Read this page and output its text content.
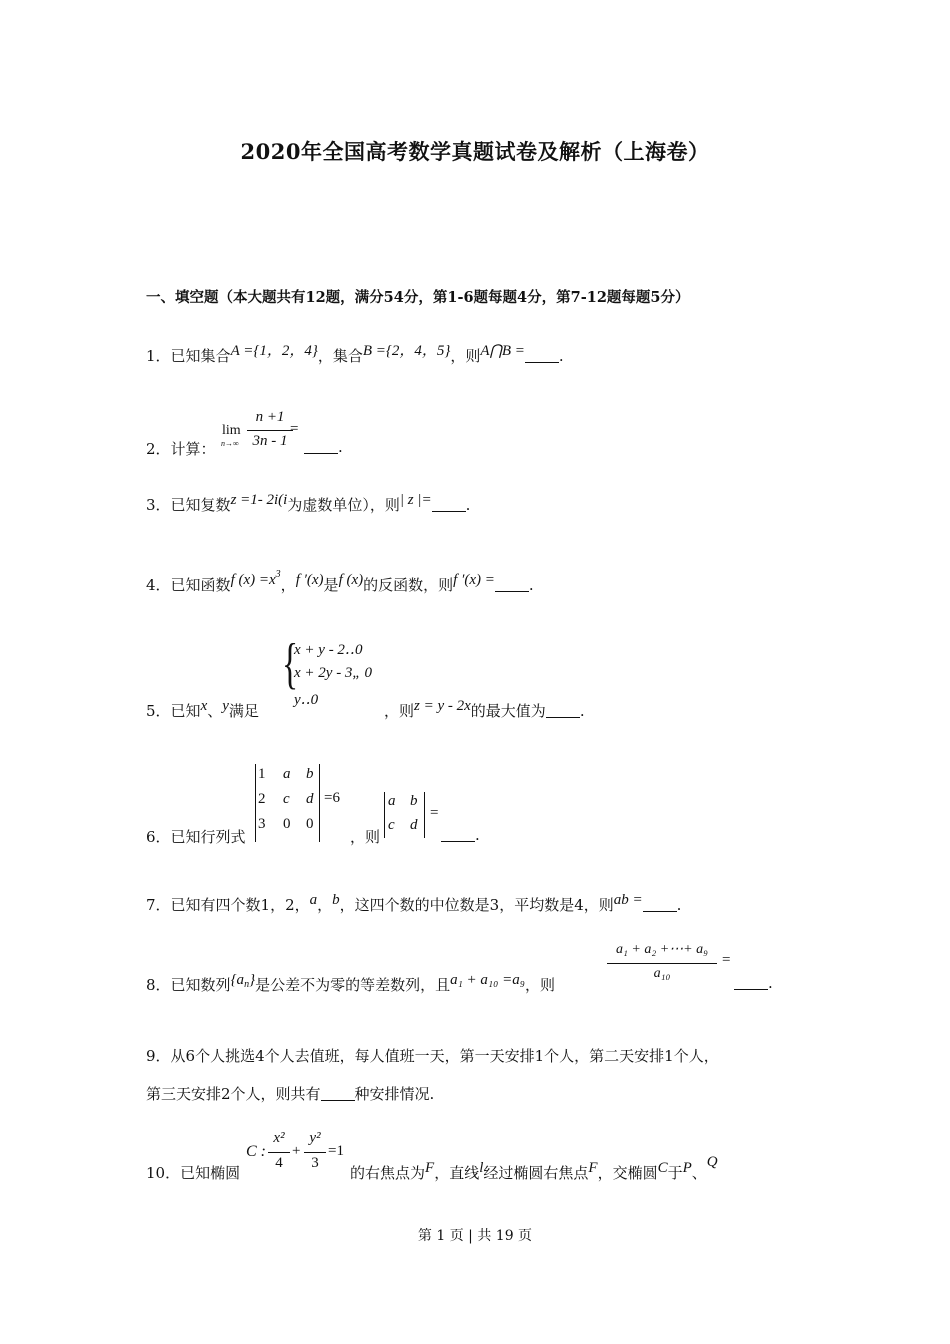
2020年全国高考数学真题试卷及解析（上海卷）
一、填空题（本大题共有12题，满分54分，第1-6题每题4分，第7-12题每题5分）
1．已知集合A ={1，2，4}，集合B ={2，4，5}，则A⋂B = .
2．计算：
lim
n→∞
n +1
3n - 1
=
.
3．已知复数z =1- 2i(i为虚数单位），则| z |= .
4．已知函数f $(x) =x^3$，f ′(x)是f (x)的反函数，则f ′(x) = .
{
x + y - 2‥0
x + 2y - 3„ 0
y‥0
5．已知x、y满足	，则z = y - 2x的最大值为 .
6．已知行列式
1 a b
2 c d
3 0 0
=6
，则
a b
c d
=
.
7．已知有四个数1，2，a，b，这四个数的中位数是3，平均数是4，则ab = .
8．已知数列$\{a_n\}$是公差不为零的等差数列，且a₁ + a₁₀ =a₉，则
a₁ + a₂ +⋯+ a₉
a₁₀
=
.
9．从6个人挑选4个人去值班，每人值班一天，第一天安排1个人，第二天安排1个人，
第三天安排2个人，则共有 种安排情况.
10．已知椭圆
C :
x²
4
+
y²
3
=1
的右焦点为F，直线l经过椭圆右焦点F，交椭圆C于P、Q
第 1 页 | 共 19 页
